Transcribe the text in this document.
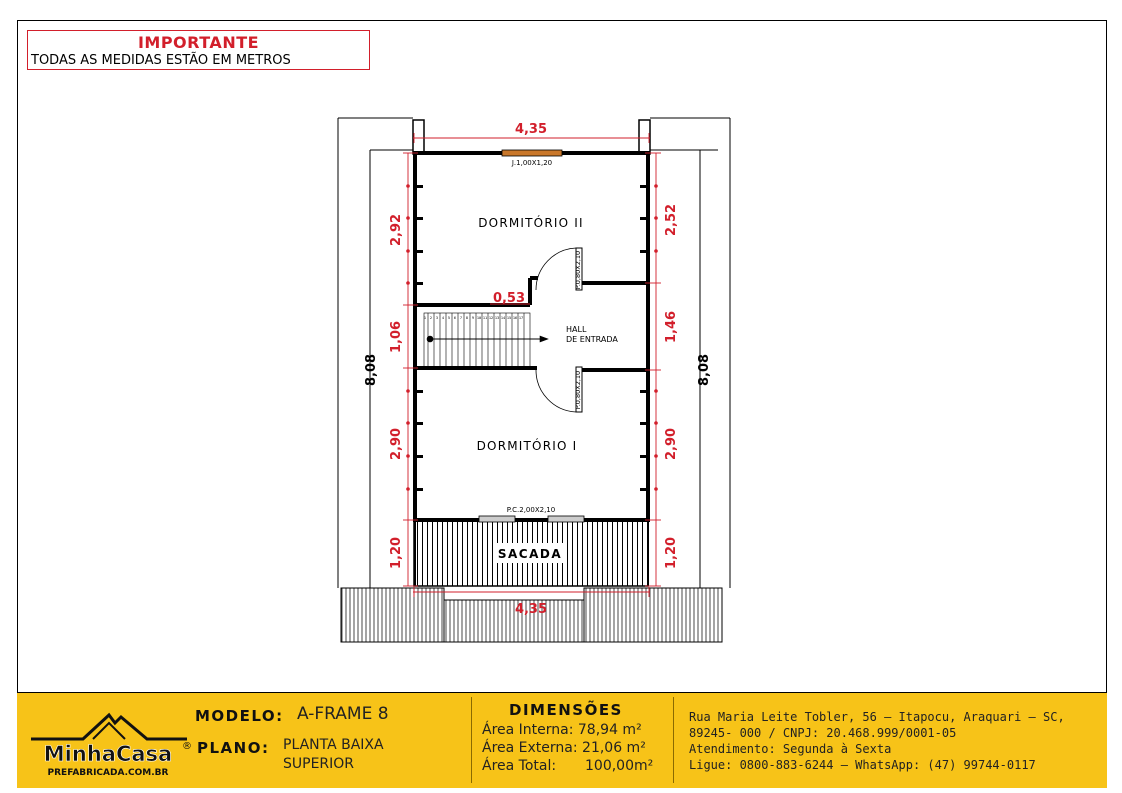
IMPORTANTE
TODAS AS MEDIDAS ESTÃO EM METROS
1 2 3 4 5 6 7 8 9 10 11 12 13 14 15 16 17
4,35
4,35
0,53
2,92
1,06
2,90
1,20
2,52
1,46
2,90
1,20
8,08	8,08
DORMITÓRIO II
DORMITÓRIO I
HALL
DE ENTRADA
SACADA
J.1,00X1,20
P.C.2,00X2,10
P.0,80X2,10
P.0,80X2,10
MinhaCasa ®
PREFABRICADA.COM.BR
MODELO: A-FRAME 8
PLANO: PLANTA BAIXA
SUPERIOR
DIMENSÕES
Área Interna: 78,94 m²
Área Externa: 21,06 m²
Área Total: 100,00m²
Rua Maria Leite Tobler, 56 – Itapocu, Araquari – SC,
89245- 000 / CNPJ: 20.468.999/0001-05
Atendimento: Segunda à Sexta
Ligue: 0800-883-6244 – WhatsApp: (47) 99744-0117
